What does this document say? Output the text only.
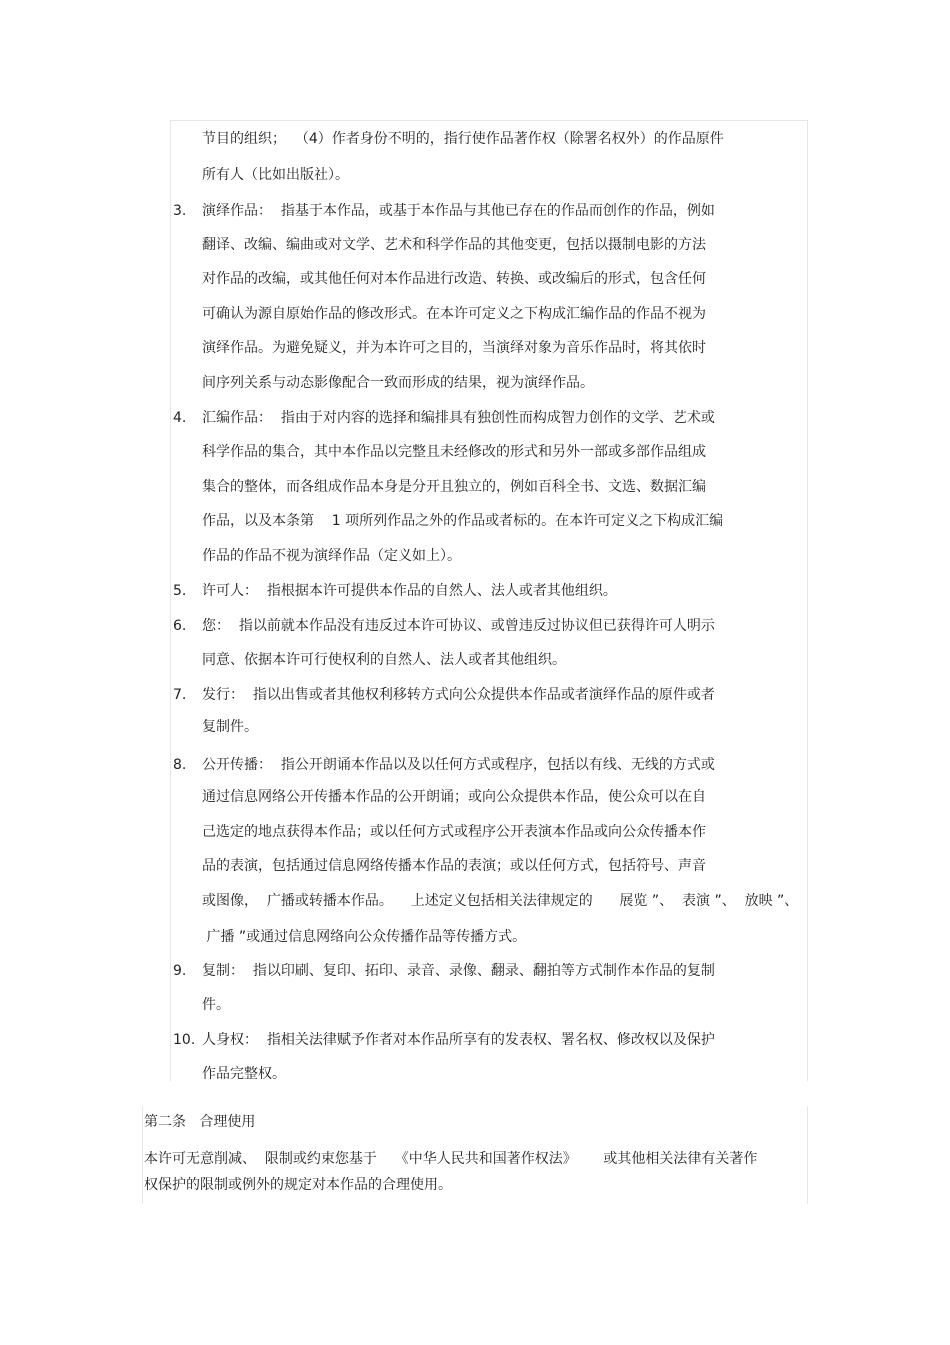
节目的组织；  （4）作者身份不明的，指行使作品著作权（除署名权外）的作品原件
所有人（比如出版社）。
3. 演绎作品：  指基于本作品，或基于本作品与其他已存在的作品而创作的作品，例如
翻译、改编、编曲或对文学、艺术和科学作品的其他变更，包括以摄制电影的方法
对作品的改编，或其他任何对本作品进行改造、转换、或改编后的形式，包含任何
可确认为源自原始作品的修改形式。在本许可定义之下构成汇编作品的作品不视为
演绎作品。为避免疑义，并为本许可之目的，当演绎对象为音乐作品时，将其依时
间序列关系与动态影像配合一致而形成的结果，视为演绎作品。
4. 汇编作品：  指由于对内容的选择和编排具有独创性而构成智力创作的文学、艺术或
科学作品的集合，其中本作品以完整且未经修改的形式和另外一部或多部作品组成
集合的整体，而各组成作品本身是分开且独立的，例如百科全书、文选、数据汇编
作品，以及本条第    1 项所列作品之外的作品或者标的。在本许可定义之下构成汇编
作品的作品不视为演绎作品（定义如上）。
5. 许可人：  指根据本许可提供本作品的自然人、法人或者其他组织。
6. 您：  指以前就本作品没有违反过本许可协议、或曾违反过协议但已获得许可人明示
同意、依据本许可行使权利的自然人、法人或者其他组织。
7. 发行：  指以出售或者其他权利移转方式向公众提供本作品或者演绎作品的原件或者
复制件。
8. 公开传播：  指公开朗诵本作品以及以任何方式或程序，包括以有线、无线的方式或
通过信息网络公开传播本作品的公开朗诵；或向公众提供本作品，使公众可以在自
己选定的地点获得本作品；或以任何方式或程序公开表演本作品或向公众传播本作
品的表演，包括通过信息网络传播本作品的表演；或以任何方式，包括符号、声音
或图像，  广播或转播本作品。    上述定义包括相关法律规定的      展览 ”、  表演 ”、  放映 ”、
广播 ”或通过信息网络向公众传播作品等传播方式。
9. 复制：  指以印刷、复印、拓印、录音、录像、翻录、翻拍等方式制作本作品的复制
件。
10. 人身权：  指相关法律赋予作者对本作品所享有的发表权、署名权、修改权以及保护
作品完整权。
第二条   合理使用
本许可无意削减、  限制或约束您基于    《中华人民共和国著作权法》      或其他相关法律有关著作
权保护的限制或例外的规定对本作品的合理使用。
